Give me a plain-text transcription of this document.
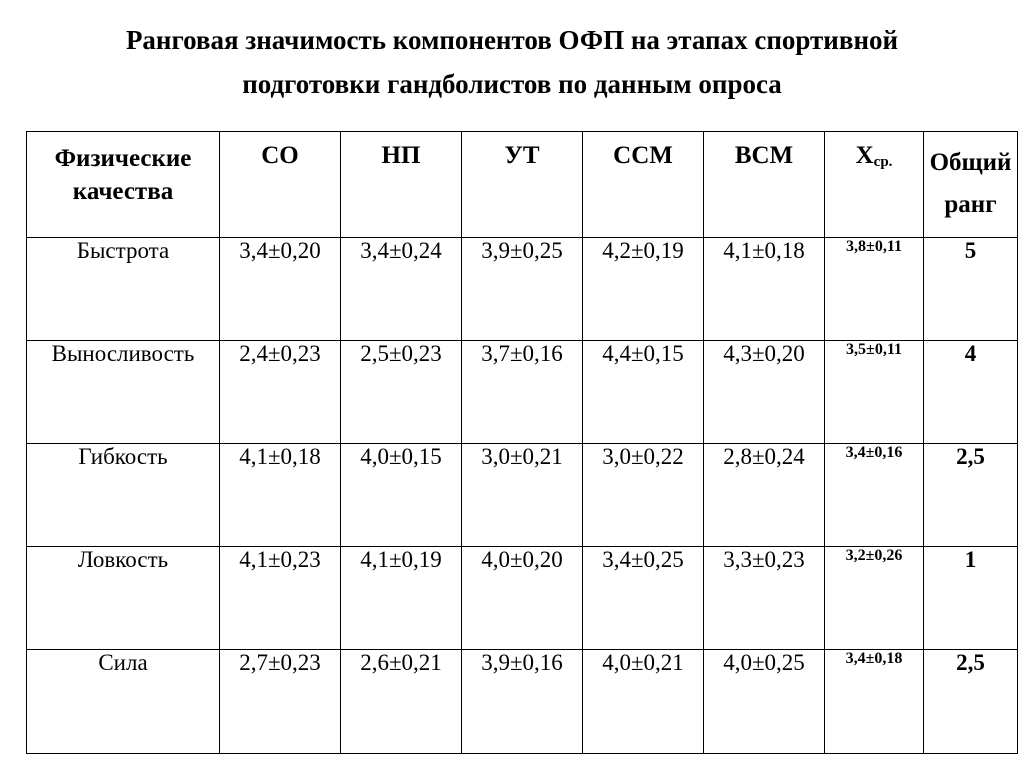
Ранговая значимость компонентов ОФП на этапах спортивной
подготовки гандболистов по данным опроса
Физические качества	СО	НП	УТ	ССМ	ВСМ	$Х_{ср.}$	Общий ранг
Быстрота	3,4±0,20	3,4±0,24	3,9±0,25	4,2±0,19	4,1±0,18	3,8±0,11	5
Выносливость	2,4±0,23	2,5±0,23	3,7±0,16	4,4±0,15	4,3±0,20	3,5±0,11	4
Гибкость	4,1±0,18	4,0±0,15	3,0±0,21	3,0±0,22	2,8±0,24	3,4±0,16	2,5
Ловкость	4,1±0,23	4,1±0,19	4,0±0,20	3,4±0,25	3,3±0,23	3,2±0,26	1
Сила	2,7±0,23	2,6±0,21	3,9±0,16	4,0±0,21	4,0±0,25	3,4±0,18	2,5
